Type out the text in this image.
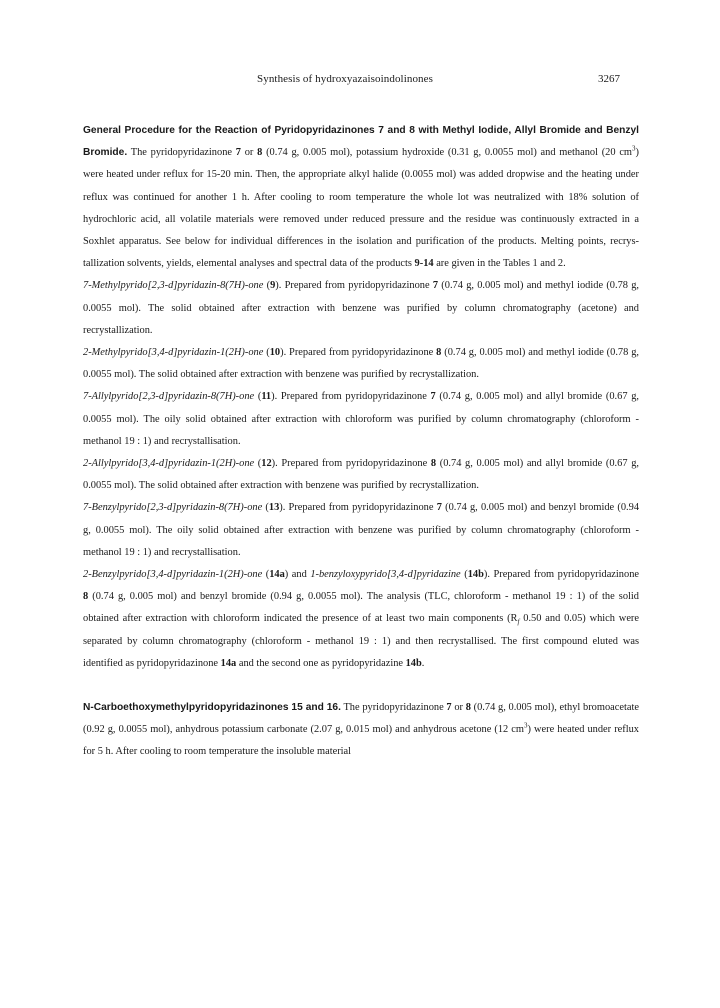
Synthesis of hydroxyazaisoindolinones	3267

General Procedure for the Reaction of Pyridopyridazinones 7 and 8 with Methyl Iodide, Allyl Bromide and Benzyl Bromide. The pyridopyridazinone 7 or 8 (0.74 g, 0.005 mol), potassium hydroxide (0.31 g, 0.0055 mol) and methanol (20 $cm^3$) were heated under reflux for 15-20 min. Then, the appropriate alkyl halide (0.0055 mol) was added dropwise and the heating under reflux was continued for another 1 h. After cooling to room temperature the whole lot was neutralized with 18% solution of hydrochloric acid, all volatile materials were removed under reduced pressure and the residue was continuously extracted in a Soxhlet apparatus. See below for individual differences in the isolation and purification of the products. Melting points, recrys-tallization solvents, yields, elemental analyses and spectral data of the products 9-14 are given in the Tables 1 and 2.

7-Methylpyrido[2,3-d]pyridazin-8(7H)-one (9). Prepared from pyridopyridazinone 7 (0.74 g, 0.005 mol) and methyl iodide (0.78 g, 0.0055 mol). The solid obtained after extraction with benzene was purified by column chromatography (acetone) and recrystallization.

2-Methylpyrido[3,4-d]pyridazin-1(2H)-one (10). Prepared from pyridopyridazinone 8 (0.74 g, 0.005 mol) and methyl iodide (0.78 g, 0.0055 mol). The solid obtained after extraction with benzene was purified by recrystallization.

7-Allylpyrido[2,3-d]pyridazin-8(7H)-one (11). Prepared from pyridopyridazinone 7 (0.74 g, 0.005 mol) and allyl bromide (0.67 g, 0.0055 mol). The oily solid obtained after extraction with chloroform was purified by column chromatography (chloroform - methanol 19 : 1) and recrystallisation.

2-Allylpyrido[3,4-d]pyridazin-1(2H)-one (12). Prepared from pyridopyridazinone 8 (0.74 g, 0.005 mol) and allyl bromide (0.67 g, 0.0055 mol). The solid obtained after extraction with benzene was purified by recrystallization.

7-Benzylpyrido[2,3-d]pyridazin-8(7H)-one (13). Prepared from pyridopyridazinone 7 (0.74 g, 0.005 mol) and benzyl bromide (0.94 g, 0.0055 mol). The oily solid obtained after extraction with benzene was purified by column chromatography (chloroform - methanol 19 : 1) and recrystallisation.

2-Benzylpyrido[3,4-d]pyridazin-1(2H)-one (14a) and 1-benzyloxypyrido[3,4-d]pyridazine (14b). Prepared from pyridopyridazinone 8 (0.74 g, 0.005 mol) and benzyl bromide (0.94 g, 0.0055 mol). The analysis (TLC, chloroform - methanol 19 : 1) of the solid obtained after extraction with chloroform indicated the presence of at least two main components ($R_f$ 0.50 and 0.05) which were separated by column chromatography (chloroform - methanol 19 : 1) and then recrystallised. The first compound eluted was identified as pyridopyridazinone 14a and the second one as pyridopyridazine 14b.

N-Carboethoxymethylpyridopyridazinones 15 and 16. The pyridopyridazinone 7 or 8 (0.74 g, 0.005 mol), ethyl bromoacetate (0.92 g, 0.0055 mol), anhydrous potassium carbonate (2.07 g, 0.015 mol) and anhydrous acetone (12 $cm^3$) were heated under reflux for 5 h. After cooling to room temperature the insoluble material
